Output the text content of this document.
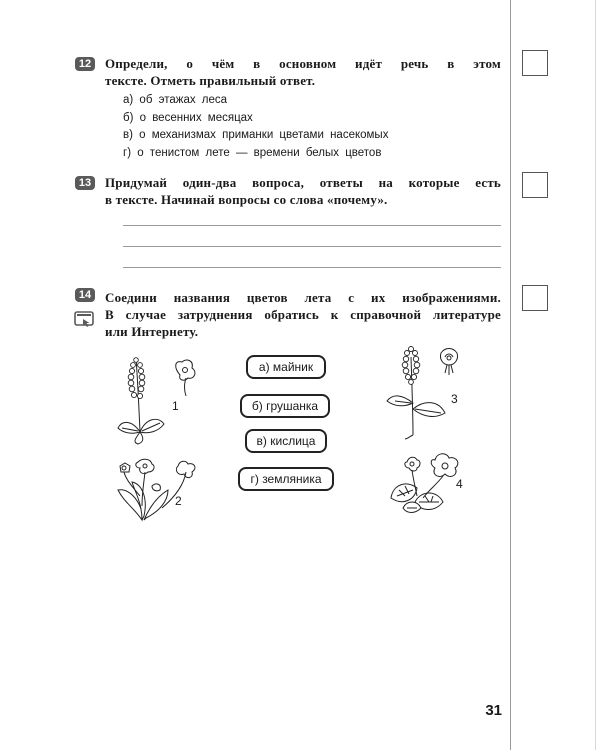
12 Определи, о чём в основном идёт речь в этом
тексте. Отметь правильный ответ.
а) об этажах леса
б) о весенних месяцах
в) о механизмах приманки цветами насекомых
г) о тенистом лете — времени белых цветов
13 Придумай один-два вопроса, ответы на которые есть
в тексте. Начинай вопросы со слова «почему».
14 Соедини названия цветов лета с их изображениями.
В случае затруднения обратись к справочной литературе
или Интернету.
а) майник
б) грушанка
в) кислица
г) земляника
1
2
3
4
31
